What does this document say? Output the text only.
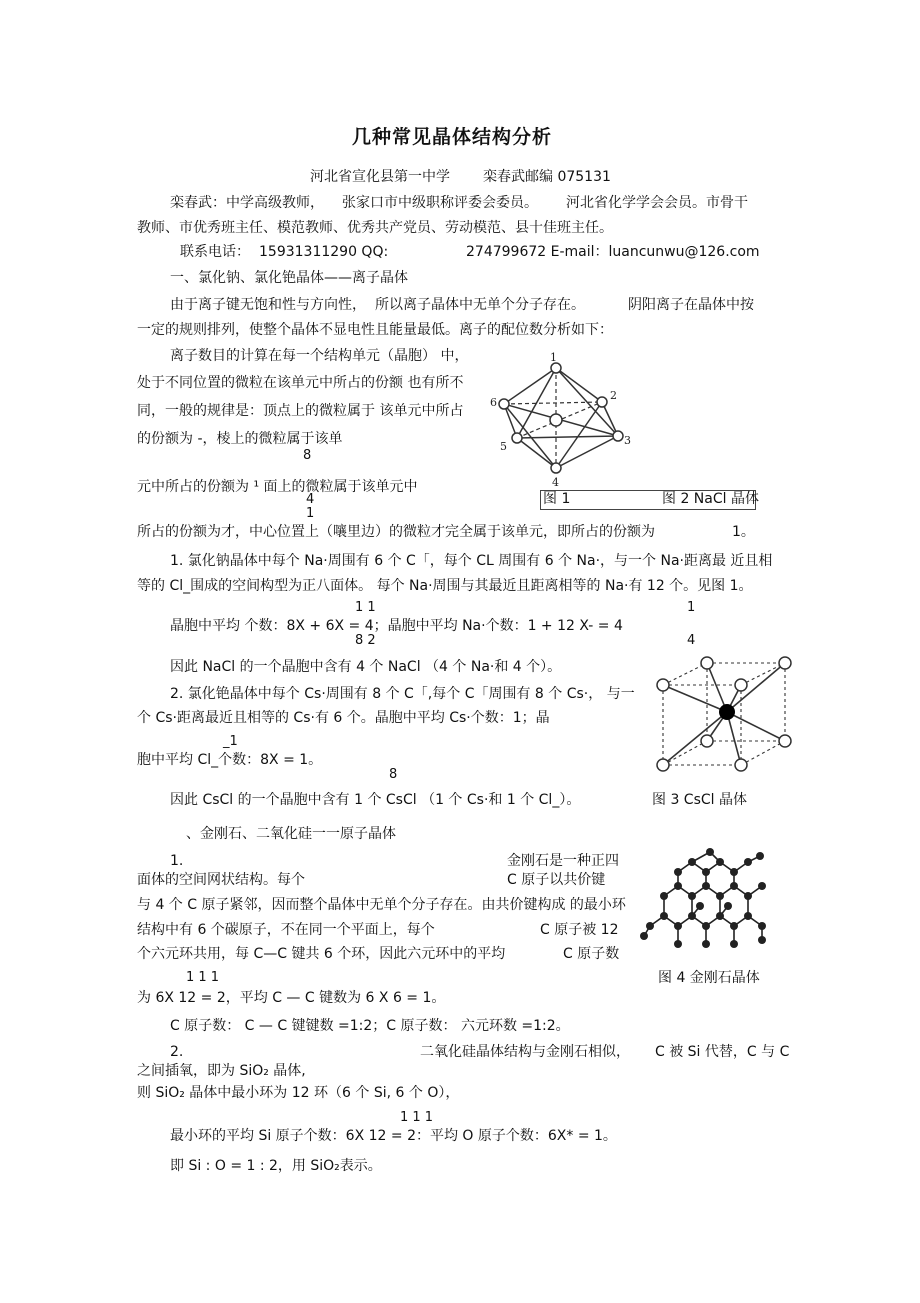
几种常见晶体结构分析
河北省宣化县第一中学 栾春武邮编 075131
栾春武：中学高级教师， 张家口市中级职称评委会委员。 河北省化学学会会员。市骨干
教师、市优秀班主任、模范教师、优秀共产党员、劳动模范、县十佳班主任。
联系电话： 15931311290 QQ:	274799672 E-mail：luancunwu@126.com
一、氯化钠、氯化铯晶体——离子晶体
由于离子键无饱和性与方向性， 所以离子晶体中无单个分子存在。	阴阳离子在晶体中按
一定的规则排列，使整个晶体不显电性且能量最低。离子的配位数分析如下：
离子数目的计算在每一个结构单元（晶胞） 中，
处于不同位置的微粒在该单元中所占的份额 也有所不
同，一般的规律是：顶点上的微粒属于 该单元中所占
的份额为 -，棱上的微粒属于该单
8
元中所占的份额为 ¹ 面上的微粒属于该单元中
4
1
所占的份额为才，中心位置上（嚷里边）的微粒才完全属于该单元，即所占的份额为	1。
1
2
3
4
5
6
图 1	图 2 NaCl 晶体
1. 氯化钠晶体中每个 Na·周围有 6 个 C「，每个 CL 周围有 6 个 Na·，与一个 Na·距离最 近且相
等的 Cl_围成的空间构型为正八面体。 每个 Na·周围与其最近且距离相等的 Na·有 12 个。见图 1。
1 1	1
晶胞中平均 个数：8X + 6X = 4；晶胞中平均 Na·个数：1 + 12 X- = 4
8 2	4
因此 NaCl 的一个晶胞中含有 4 个 NaCl （4 个 Na·和 4 个）。
2. 氯化铯晶体中每个 Cs·周围有 8 个 C「,每个 C「周围有 8 个 Cs·， 与一
个 Cs·距离最近且相等的 Cs·有 6 个。晶胞中平均 Cs·个数：1；晶
_1
胞中平均 Cl_个数：8X = 1。
8
因此 CsCl 的一个晶胞中含有 1 个 CsCl （1 个 Cs·和 1 个 Cl_）。	图 3 CsCl 晶体
、金刚石、二氧化硅一一原子晶体
1.	金刚石是一种正四
面体的空间网状结构。每个	C 原子以共价键
与 4 个 C 原子紧邻，因而整个晶体中无单个分子存在。由共价键构成 的最小环
结构中有 6 个碳原子，不在同一个平面上，每个	C 原子被 12
个六元环共用，每 C—C 键共 6 个环，因此六元环中的平均	C 原子数
1 1 1
为 6X 12 = 2，平均 C — C 键数为 6 X 6 = 1。
图 4 金刚石晶体
C 原子数： C — C 键键数 =1:2；C 原子数： 六元环数 =1:2。
2.	二氧化硅晶体结构与金刚石相似， C 被 Si 代替，C 与 C
之间插氧，即为 SiO₂ 晶体,
则 SiO₂ 晶体中最小环为 12 环（6 个 Si, 6 个 O），
1 1 1
最小环的平均 Si 原子个数：6X 12 = 2：平均 O 原子个数：6X* = 1。
即 Si : O = 1 : 2，用 SiO₂表示。
